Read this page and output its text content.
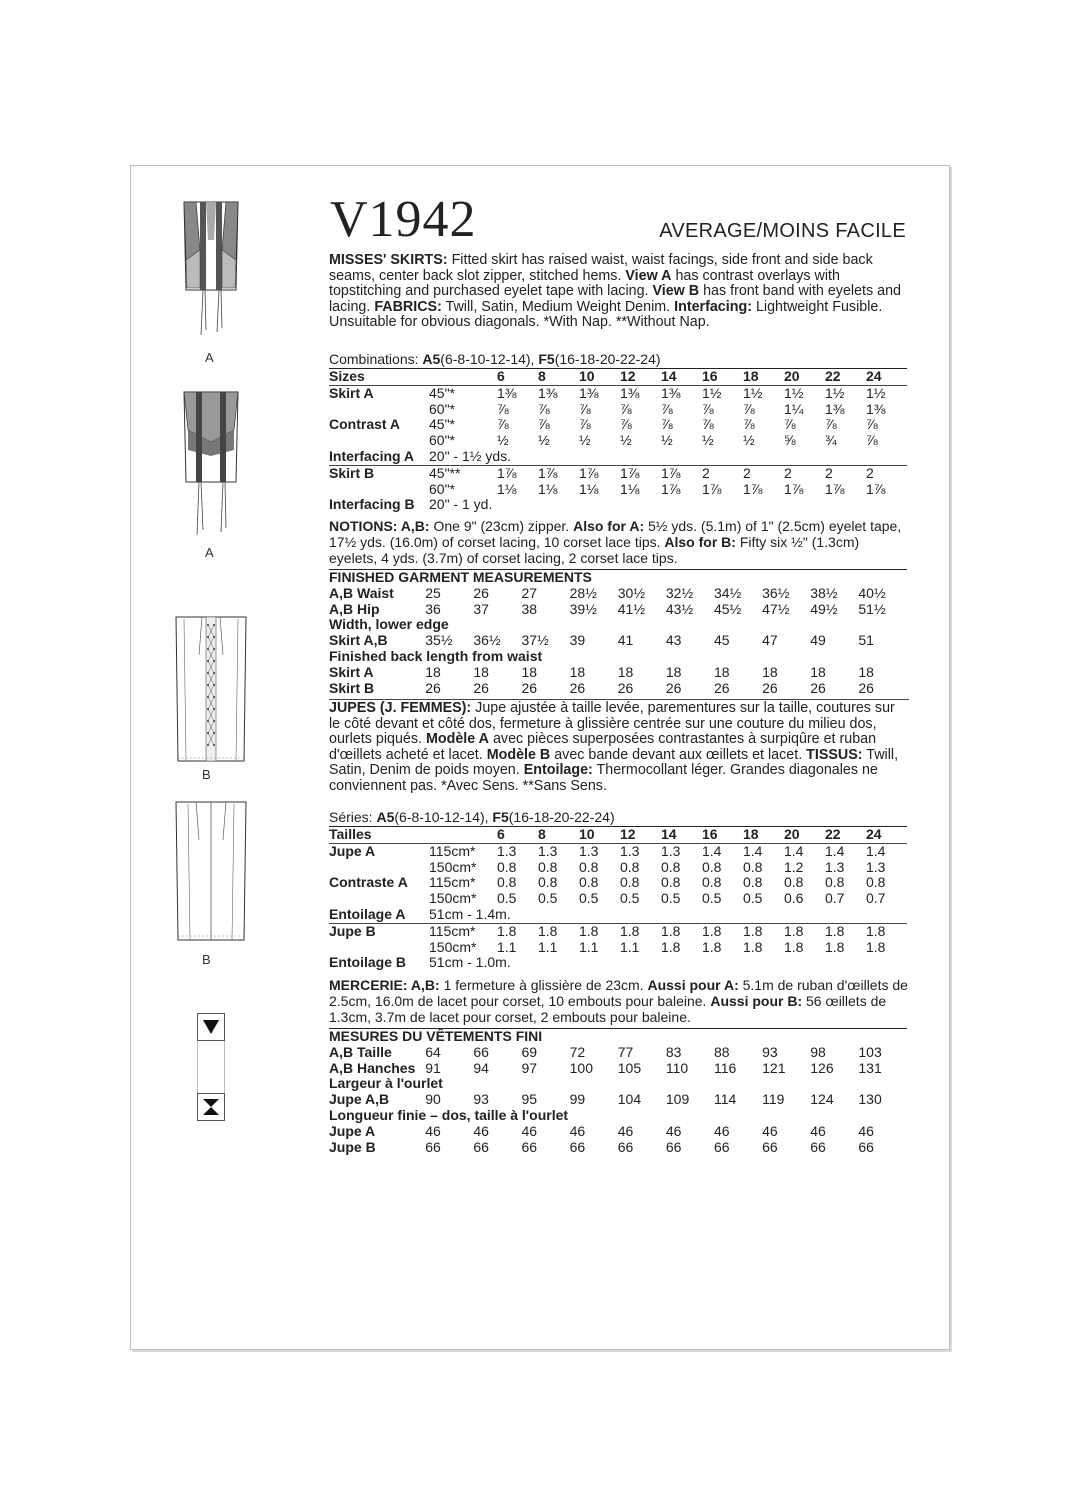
A
A
B
B
V1942	AVERAGE/MOINS FACILE
MISSES' SKIRTS: Fitted skirt has raised waist, waist facings, side front and side back seams, center back slot zipper, stitched hems. View A has contrast overlays with topstitching and purchased eyelet tape with lacing. View B has front band with eyelets and lacing. FABRICS: Twill, Satin, Medium Weight Denim. Interfacing: Lightweight Fusible. Unsuitable for obvious diagonals. *With Nap. **Without Nap.
Combinations: A5(6-8-10-12-14), F5(16-18-20-22-24)
Sizes		6	8	10	12	14	16	18	20	22	24
Skirt A	45"*	1⅜	1⅜	1⅜	1⅜	1⅜	1½	1½	1½	1½	1½
	60"*	⅞	⅞	⅞	⅞	⅞	⅞	⅞	1¼	1⅜	1⅜
Contrast A	45"*	⅞	⅞	⅞	⅞	⅞	⅞	⅞	⅞	⅞	⅞
	60"*	½	½	½	½	½	½	½	⅝	¾	⅞
Interfacing A	20" - 1½ yds.										
Skirt B	45"**	1⅞	1⅞	1⅞	1⅞	1⅞	2	2	2	2	2
	60"*	1⅛	1⅛	1⅛	1⅛	1⅞	1⅞	1⅞	1⅞	1⅞	1⅞
Interfacing B	20" - 1 yd.										
NOTIONS: A,B: One 9" (23cm) zipper. Also for A: 5½ yds. (5.1m) of 1" (2.5cm) eyelet tape, 17½ yds. (16.0m) of corset lacing, 10 corset lace tips. Also for B: Fifty six ½" (1.3cm) eyelets, 4 yds. (3.7m) of corset lacing, 2 corset lace tips.
FINISHED GARMENT MEASUREMENTS											
A,B Waist		25	26	27	28½	30½	32½	34½	36½	38½	40½
A,B Hip		36	37	38	39½	41½	43½	45½	47½	49½	51½
Width, lower edge											
Skirt A,B		35½	36½	37½	39	41	43	45	47	49	51
Finished back length from waist											
Skirt A		18	18	18	18	18	18	18	18	18	18
Skirt B		26	26	26	26	26	26	26	26	26	26
JUPES (J. FEMMES): Jupe ajustée à taille levée, parementures sur la taille, coutures sur le côté devant et côté dos, fermeture à glissière centrée sur une couture du milieu dos, ourlets piqués. Modèle A avec pièces superposées contrastantes à surpiqûre et ruban d'œillets acheté et lacet. Modèle B avec bande devant aux œillets et lacet. TISSUS: Twill, Satin, Denim de poids moyen. Entoilage: Thermocollant léger. Grandes diagonales ne conviennent pas. *Avec Sens. **Sans Sens.
Séries: A5(6-8-10-12-14), F5(16-18-20-22-24)
Tailles		6	8	10	12	14	16	18	20	22	24
Jupe A	115cm*	1.3	1.3	1.3	1.3	1.3	1.4	1.4	1.4	1.4	1.4
	150cm*	0.8	0.8	0.8	0.8	0.8	0.8	0.8	1.2	1.3	1.3
Contraste A	115cm*	0.8	0.8	0.8	0.8	0.8	0.8	0.8	0.8	0.8	0.8
	150cm*	0.5	0.5	0.5	0.5	0.5	0.5	0.5	0.6	0.7	0.7
Entoilage A	51cm - 1.4m.										
Jupe B	115cm*	1.8	1.8	1.8	1.8	1.8	1.8	1.8	1.8	1.8	1.8
	150cm*	1.1	1.1	1.1	1.1	1.8	1.8	1.8	1.8	1.8	1.8
Entoilage B	51cm - 1.0m.										
MERCERIE: A,B: 1 fermeture à glissière de 23cm. Aussi pour A: 5.1m de ruban d'œillets de 2.5cm, 16.0m de lacet pour corset, 10 embouts pour baleine. Aussi pour B: 56 œillets de 1.3cm, 3.7m de lacet pour corset, 2 embouts pour baleine.
MESURES DU VÊTEMENTS FINI											
A,B Taille		64	66	69	72	77	83	88	93	98	103
A,B Hanches		91	94	97	100	105	110	116	121	126	131
Largeur à l'ourlet											
Jupe A,B		90	93	95	99	104	109	114	119	124	130
Longueur finie – dos, taille à l'ourlet											
Jupe A		46	46	46	46	46	46	46	46	46	46
Jupe B		66	66	66	66	66	66	66	66	66	66
